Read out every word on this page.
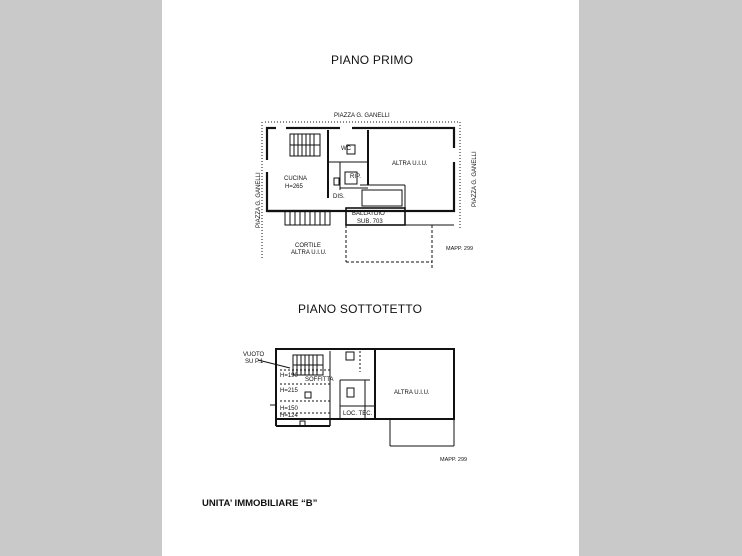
PIANO PRIMO
PIANO SOTTOTETTO
UNITA’ IMMOBILIARE “B”
PIAZZA G. GANELLI
PIAZZA G. GANELLI	PIAZZA G. GANELLI
WC
CUCINA
H=265
RIP.
DIS.
ALTRA U.I.U.
BALLATOIO
SUB. 703
CORTILE
ALTRA U.I.U.
MAPP. 299
VUOTO
SU P.1
H=190
H=215
H=150
H=124
SOFFITTA
LOC. TEC.
ALTRA U.I.U.
MAPP. 299
